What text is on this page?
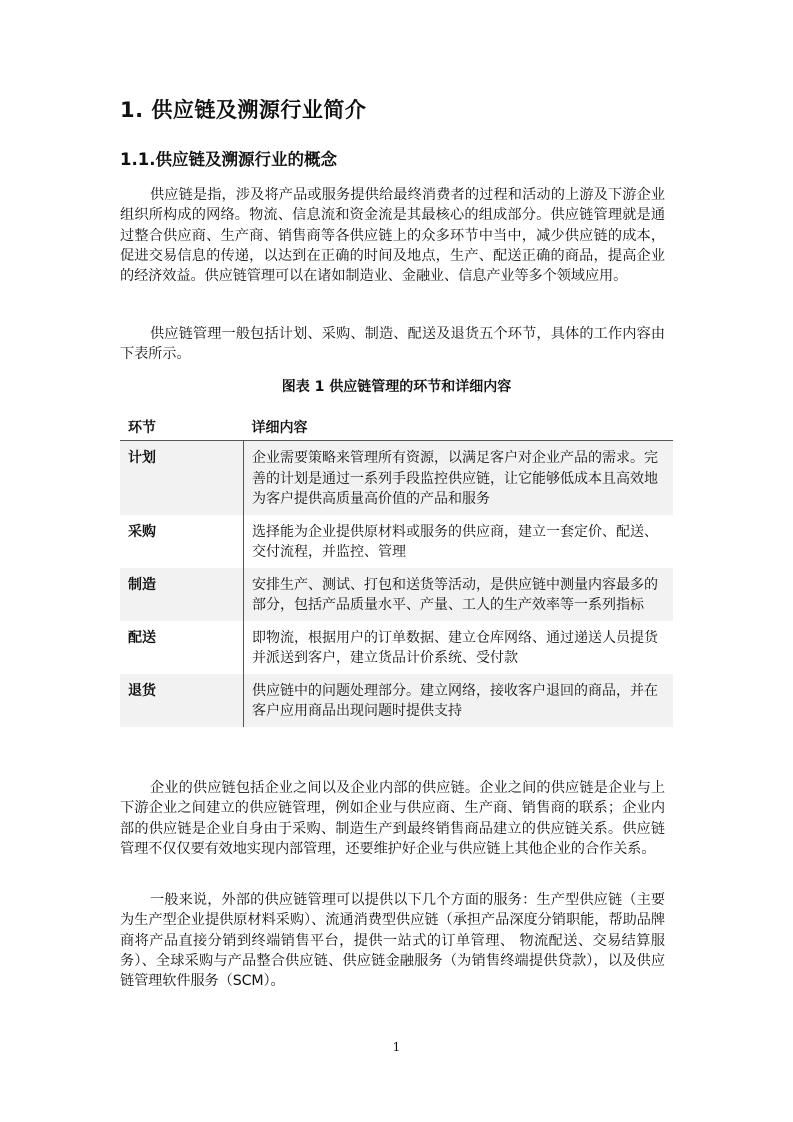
1. 供应链及溯源行业简介
1.1.供应链及溯源行业的概念

供应链是指，涉及将产品或服务提供给最终消费者的过程和活动的上游及下游企业组织所构成的网络。物流、信息流和资金流是其最核心的组成部分。供应链管理就是通过整合供应商、生产商、销售商等各供应链上的众多环节中当中，减少供应链的成本，促进交易信息的传递，以达到在正确的时间及地点，生产、配送正确的商品，提高企业的经济效益。供应链管理可以在诸如制造业、金融业、信息产业等多个领域应用。

供应链管理一般包括计划、采购、制造、配送及退货五个环节，具体的工作内容由下表所示。

图表 1 供应链管理的环节和详细内容
环节	详细内容
计划	企业需要策略来管理所有资源，以满足客户对企业产品的需求。完善的计划是通过一系列手段监控供应链，让它能够低成本且高效地为客户提供高质量高价值的产品和服务
采购	选择能为企业提供原材料或服务的供应商，建立一套定价、配送、交付流程，并监控、管理
制造	安排生产、测试、打包和送货等活动，是供应链中测量内容最多的部分，包括产品质量水平、产量、工人的生产效率等一系列指标
配送	即物流，根据用户的订单数据、建立仓库网络、通过递送人员提货并派送到客户，建立货品计价系统、受付款
退货	供应链中的问题处理部分。建立网络，接收客户退回的商品，并在客户应用商品出现问题时提供支持

企业的供应链包括企业之间以及企业内部的供应链。企业之间的供应链是企业与上下游企业之间建立的供应链管理，例如企业与供应商、生产商、销售商的联系；企业内部的供应链是企业自身由于采购、制造生产到最终销售商品建立的供应链关系。供应链管理不仅仅要有效地实现内部管理，还要维护好企业与供应链上其他企业的合作关系。

一般来说，外部的供应链管理可以提供以下几个方面的服务：生产型供应链（主要为生产型企业提供原材料采购）、流通消费型供应链（承担产品深度分销职能，帮助品牌商将产品直接分销到终端销售平台，提供一站式的订单管理、 物流配送、交易结算服务）、全球采购与产品整合供应链、供应链金融服务（为销售终端提供贷款），以及供应链管理软件服务（SCM）。

1
